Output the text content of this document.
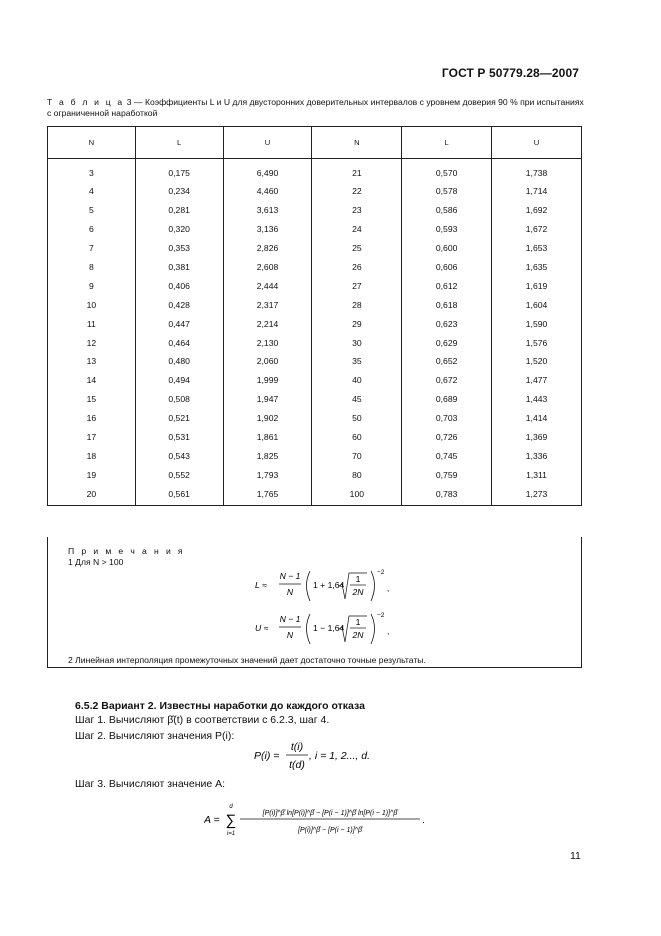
ГОСТ Р 50779.28—2007
Т а б л и ц а 3 — Коэффициенты L и U для двусторонних доверительных интервалов с уровнем доверия 90 % при испытаниях с ограниченной наработкой
N	L	U	N	L	U
3	0,175	6,490	21	0,570	1,738
4	0,234	4,460	22	0,578	1,714
5	0,281	3,613	23	0,586	1,692
6	0,320	3,136	24	0,593	1,672
7	0,353	2,826	25	0,600	1,653
8	0,381	2,608	26	0,606	1,635
9	0,406	2,444	27	0,612	1,619
10	0,428	2,317	28	0,618	1,604
11	0,447	2,214	29	0,623	1,590
12	0,464	2,130	30	0,629	1,576
13	0,480	2,060	35	0,652	1,520
14	0,494	1,999	40	0,672	1,477
15	0,508	1,947	45	0,689	1,443
16	0,521	1,902	50	0,703	1,414
17	0,531	1,861	60	0,726	1,369
18	0,543	1,825	70	0,745	1,336
19	0,552	1,793	80	0,759	1,311
20	0,561	1,765	100	0,783	1,273
П р и м е ч а н и я
1 Для N > 100
L ≈
N − 1
N
1 + 1,64
1
2N
−2
,
U ≈
N − 1
N
1 − 1,64
1
2N
−2
,
2 Линейная интерполяция промежуточных значений дает достаточно точные результаты.
6.5.2 Вариант 2. Известны наработки до каждого отказа
Шаг 1. Вычисляют β̂(t) в соответствии с 6.2.3, шаг 4.
Шаг 2. Вычисляют значения P(i):
P(i) =
t(i)
t(d)
, i = 1, 2..., d.
Шаг 3. Вычисляют значение A:
A =
d
∑
i=1
[P(i)]^β̂ ln[P(i)]^β̂ − [P(i − 1)]^β̂ ln[P(i − 1)]^β̂
[P(i)]^β̂ − [P(i − 1)]^β̂
.
11
